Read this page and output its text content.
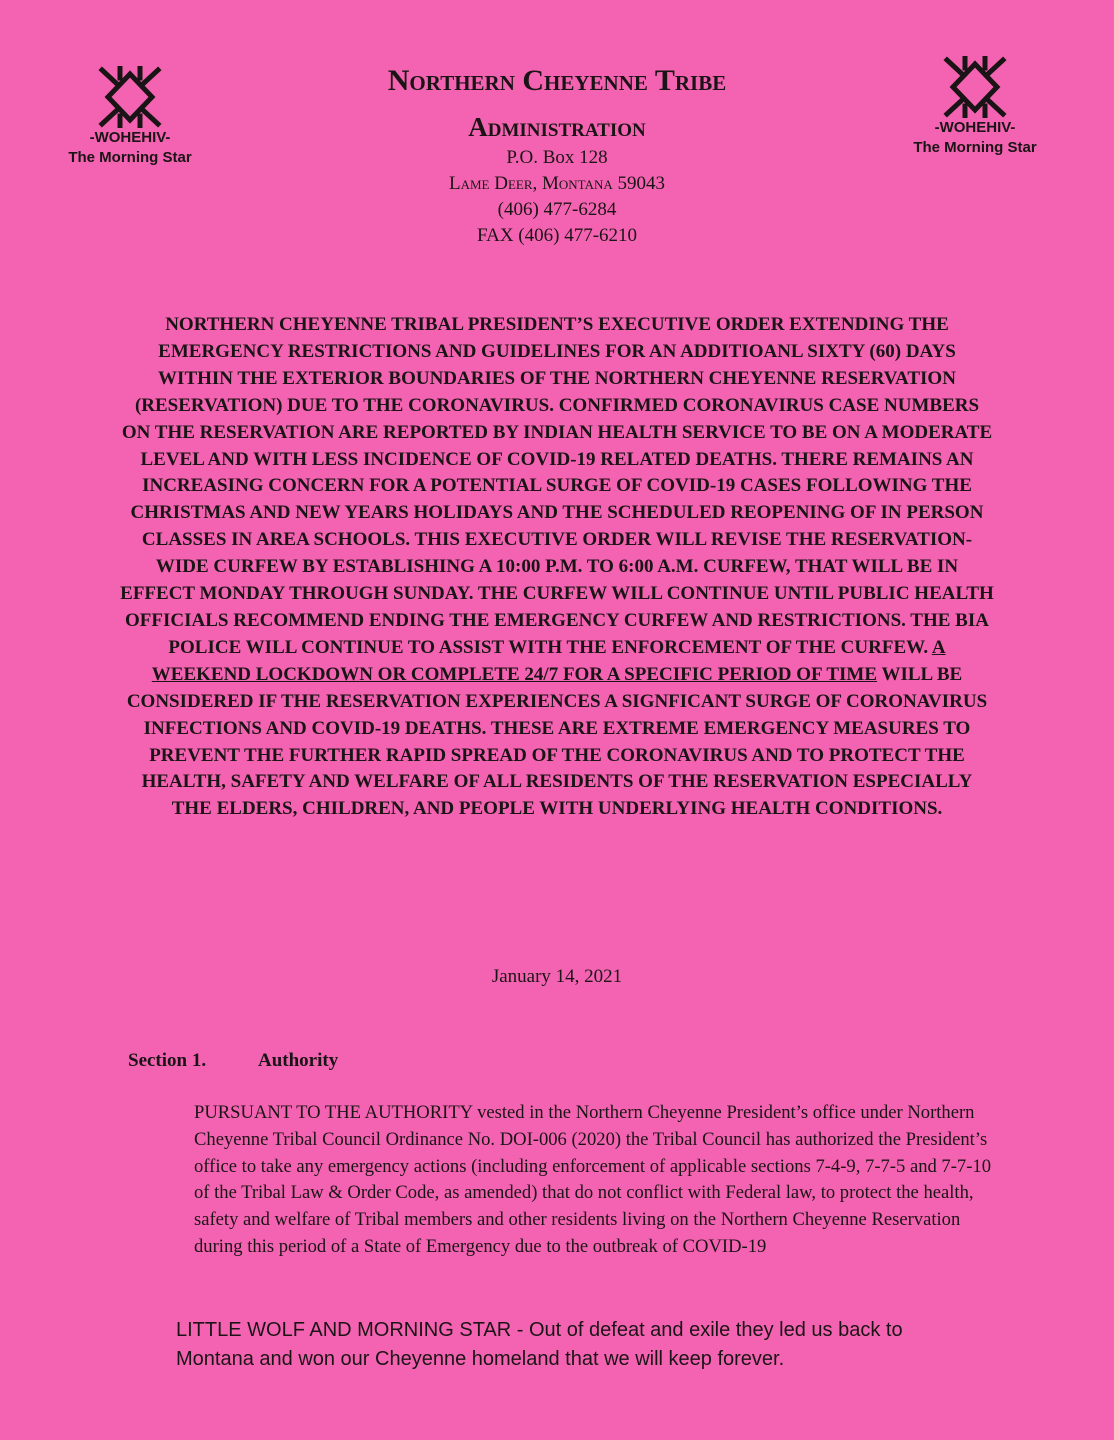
-WOHEHIV-
The Morning Star
-WOHEHIV-
The Morning Star
Northern Cheyenne Tribe
Administration
P.O. Box 128
Lame Deer, Montana 59043
(406) 477-6284
FAX (406) 477-6210
NORTHERN CHEYENNE TRIBAL PRESIDENT’S EXECUTIVE ORDER EXTENDING THE EMERGENCY RESTRICTIONS AND GUIDELINES FOR AN ADDITIOANL SIXTY (60) DAYS WITHIN THE EXTERIOR BOUNDARIES OF THE NORTHERN CHEYENNE RESERVATION (RESERVATION) DUE TO THE CORONAVIRUS. CONFIRMED CORONAVIRUS CASE NUMBERS ON THE RESERVATION ARE REPORTED BY INDIAN HEALTH SERVICE TO BE ON A MODERATE LEVEL AND WITH LESS INCIDENCE OF COVID-19 RELATED DEATHS. THERE REMAINS AN INCREASING CONCERN FOR A POTENTIAL SURGE OF COVID-19 CASES FOLLOWING THE CHRISTMAS AND NEW YEARS HOLIDAYS AND THE SCHEDULED REOPENING OF IN PERSON CLASSES IN AREA SCHOOLS. THIS EXECUTIVE ORDER WILL REVISE THE RESERVATION-WIDE CURFEW BY ESTABLISHING A 10:00 P.M. TO 6:00 A.M. CURFEW, THAT WILL BE IN EFFECT MONDAY THROUGH SUNDAY. THE CURFEW WILL CONTINUE UNTIL PUBLIC HEALTH OFFICIALS RECOMMEND ENDING THE EMERGENCY CURFEW AND RESTRICTIONS. THE BIA POLICE WILL CONTINUE TO ASSIST WITH THE ENFORCEMENT OF THE CURFEW. A WEEKEND LOCKDOWN OR COMPLETE 24/7 FOR A SPECIFIC PERIOD OF TIME WILL BE CONSIDERED IF THE RESERVATION EXPERIENCES A SIGNFICANT SURGE OF CORONAVIRUS INFECTIONS AND COVID-19 DEATHS. THESE ARE EXTREME EMERGENCY MEASURES TO PREVENT THE FURTHER RAPID SPREAD OF THE CORONAVIRUS AND TO PROTECT THE HEALTH, SAFETY AND WELFARE OF ALL RESIDENTS OF THE RESERVATION ESPECIALLY THE ELDERS, CHILDREN, AND PEOPLE WITH UNDERLYING HEALTH CONDITIONS.
January 14, 2021
Section 1.	Authority
PURSUANT TO THE AUTHORITY vested in the Northern Cheyenne President’s office under Northern Cheyenne Tribal Council Ordinance No. DOI-006 (2020) the Tribal Council has authorized the President’s office to take any emergency actions (including enforcement of applicable sections 7-4-9, 7-7-5 and 7-7-10 of the Tribal Law & Order Code, as amended) that do not conflict with Federal law, to protect the health, safety and welfare of Tribal members and other residents living on the Northern Cheyenne Reservation during this period of a State of Emergency due to the outbreak of COVID-19
LITTLE WOLF AND MORNING STAR - Out of defeat and exile they led us back to Montana and won our Cheyenne homeland that we will keep forever.
